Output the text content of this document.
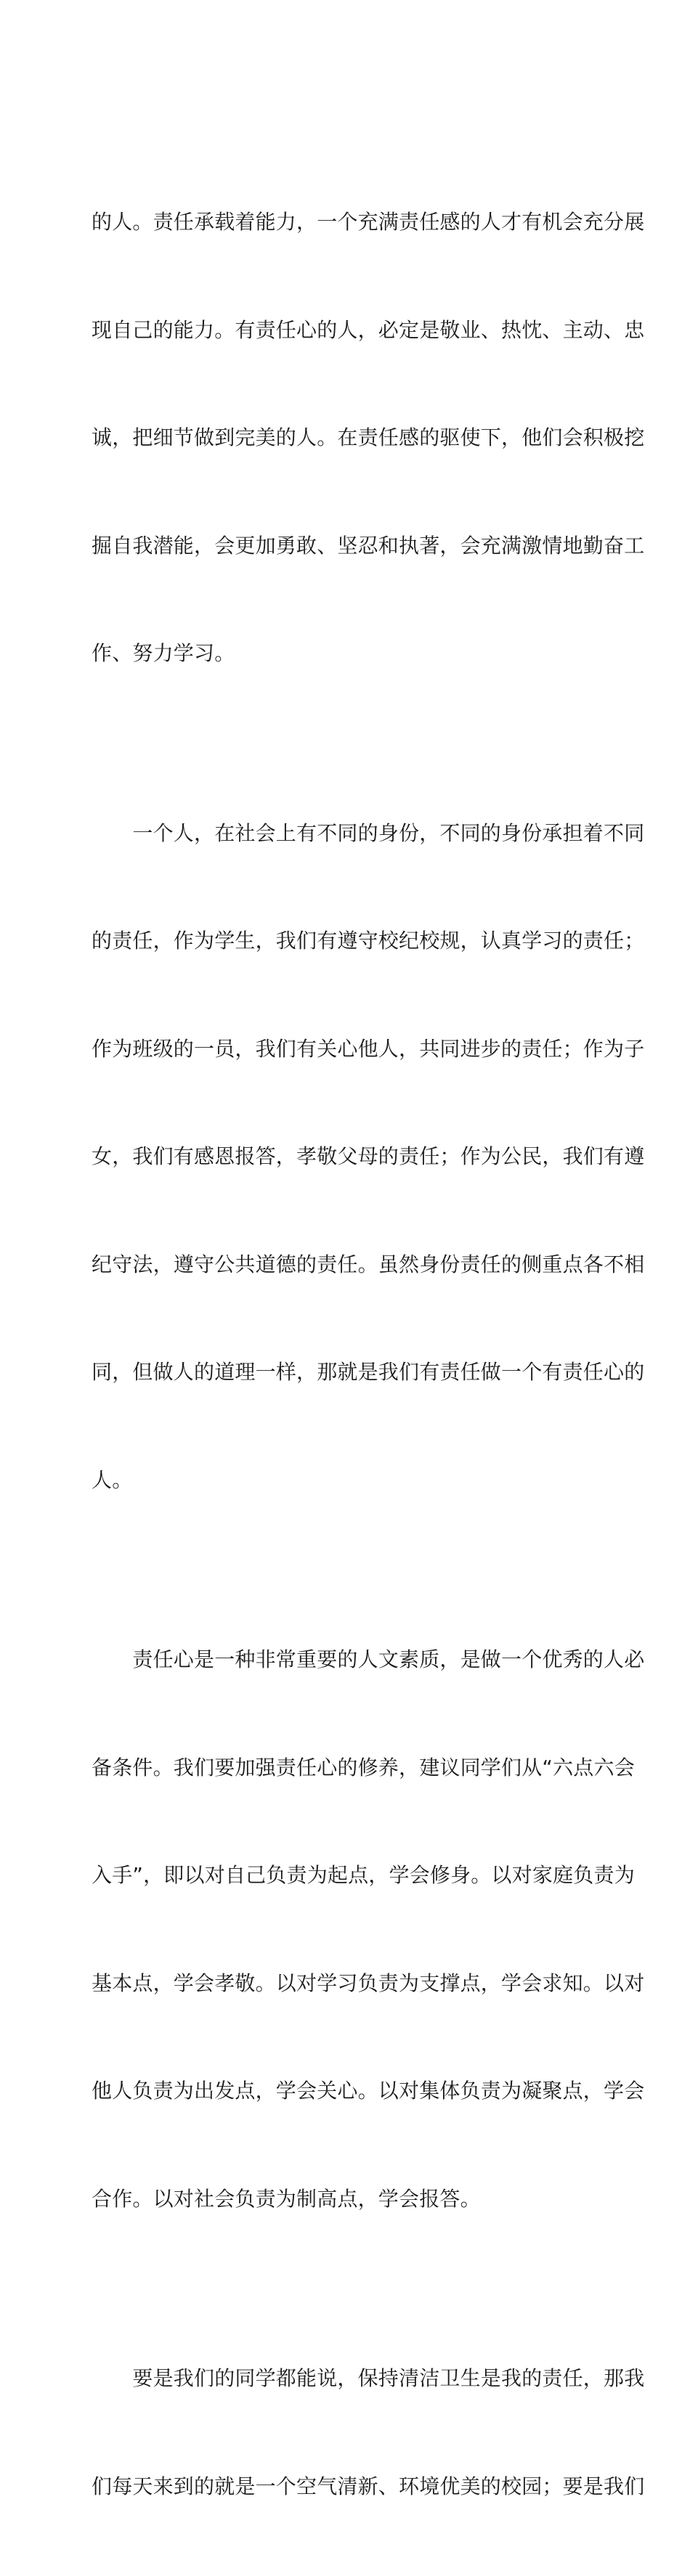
的人。责任承载着能力，一个充满责任感的人才有机会充分展

现自己的能力。有责任心的人，必定是敬业、热忱、主动、忠

诚，把细节做到完美的人。在责任感的驱使下，他们会积极挖

掘自我潜能，会更加勇敢、坚忍和执著，会充满激情地勤奋工

作、努力学习。

　　一个人，在社会上有不同的身份，不同的身份承担着不同

的责任，作为学生，我们有遵守校纪校规，认真学习的责任；

作为班级的一员，我们有关心他人，共同进步的责任；作为子

女，我们有感恩报答，孝敬父母的责任；作为公民，我们有遵

纪守法，遵守公共道德的责任。虽然身份责任的侧重点各不相

同，但做人的道理一样，那就是我们有责任做一个有责任心的

人。

　　责任心是一种非常重要的人文素质，是做一个优秀的人必

备条件。我们要加强责任心的修养，建议同学们从“六点六会

入手”，即以对自己负责为起点，学会修身。以对家庭负责为

基本点，学会孝敬。以对学习负责为支撑点，学会求知。以对

他人负责为出发点，学会关心。以对集体负责为凝聚点，学会

合作。以对社会负责为制高点，学会报答。

　　要是我们的同学都能说，保持清洁卫生是我的责任，那我

们每天来到的就是一个空气清新、环境优美的校园；要是我们
